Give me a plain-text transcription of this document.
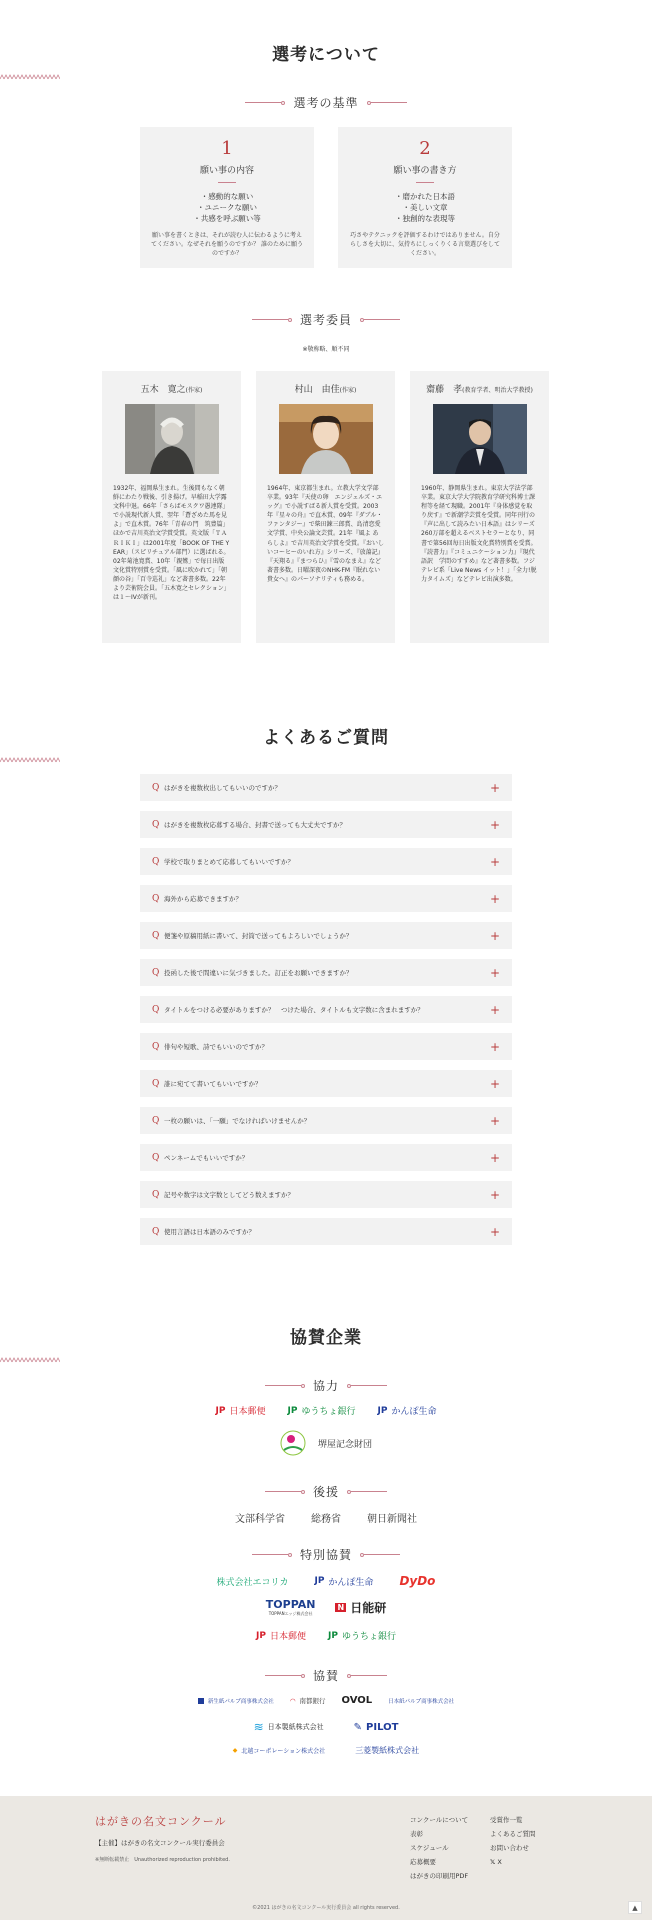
選考について
選考の基準
1
願い事の内容
・感動的な願い
・ユニークな願い
・共感を呼ぶ願い等

願い事を書くときは、それが読む人に伝わるように考えてください。なぜそれを願うのですか？ 誰のために願うのですか？

2
願い事の書き方
・磨かれた日本語
・美しい文章
・独創的な表現等

巧さやテクニックを評価するわけではありません。自分らしさを大切に、気持ちにしっくりくる言葉選びをしてください。

選考委員
※敬称略、順不同
五木　寛之(作家)

1932年、福岡県生まれ。生後間もなく朝鮮にわたり戦後、引き揚げ。早稲田大学露文科中退。66年「さらばモスクワ愚連隊」で小説現代新人賞、翌年「蒼ざめた馬を見よ」で直木賞。76年「青春の門　筑豊篇」ほかで吉川英治文学賞受賞。英文版「ＴＡＲＩＫＩ」は2001年度「BOOK OF THE YEAR」（スピリチュアル部門）に選ばれる。02年菊池寛賞、10年「親鸞」で毎日出版文化賞特別賞を受賞。「風に吹かれて」「朝顔の谷」「百寺巡礼」など著書多数。22年より芸術院会員。「五木寛之セレクション」は１～IVが新刊。

村山　由佳(作家)

1964年、東京都生まれ。立教大学文学部卒業。93年『天使の卵　エンジェルズ・エッグ』で小説すばる新人賞を受賞。2003年『星々の舟』で直木賞、09年『ダブル・ファンタジー』で柴田錬三郎賞、島清恋愛文学賞、中央公論文芸賞。21年『風よ あらしよ』で吉川英治文学賞を受賞。『おいしいコーヒーのいれ方』シリーズ、『放蕩記』『天翔る』『まつらひ』『雪のなまえ』など著書多数。日曜深夜のNHK-FM『眠れない貴女へ』のパーソナリティも務める。

齋藤　孝(教育学者、明治大学教授)

1960年、静岡県生まれ。東京大学法学部卒業。東京大学大学院教育学研究科博士課程等を経て現職。2001年『身体感覚を取り戻す』で新潮学芸賞を受賞。同年刊行の『声に出して読みたい日本語』はシリーズ260万部を超えるベストセラーとなり、同書で第56回毎日出版文化賞特別賞を受賞。『読書力』『コミュニケーション力』『現代語訳　学問のすすめ』など著書多数。フジテレビ系「Live News イット！」「全力!脱力タイムズ」などテレビ出演多数。

よくあるご質問
Q はがきを複数枚出してもいいのですか？	+
Q はがきを複数枚応募する場合、封書で送っても大丈夫ですか？	+
Q 学校で取りまとめて応募してもいいですか？	+
Q 海外から応募できますか？	+
Q 便箋や原稿用紙に書いて、封筒で送ってもよろしいでしょうか？	+
Q 投函した後で間違いに気づきました。訂正をお願いできますか？	+
Q タイトルをつける必要がありますか？　つけた場合、タイトルも文字数に含まれますか？	+
Q 俳句や短歌、詩でもいいのですか？	+
Q 誰に宛てて書いてもいいですか？	+
Q 一枚の願いは、「一願」でなければいけませんか？	+
Q ペンネームでもいいですか？	+
Q 記号や数字は文字数としてどう数えますか？	+
Q 使用言語は日本語のみですか？	+
協賛企業
協力
JP 日本郵便 JP ゆうちょ銀行 JP かんぽ生命
堺屋記念財団
後援
文部科学省	総務省	朝日新聞社
特別協賛
株式会社エコリカ	JP かんぽ生命 DyDo
TOPPAN
TOPPANエッジ株式会社
N 日能研
JP 日本郵便 JP ゆうちょ銀行
協賛
新生紙パルプ商事株式会社 ◠ 南都銀行 OVOL	日本紙パルプ商事株式会社
≋ 日本製紙株式会社	✎ PILOT
◆ 北越コーポレーション株式会社	三菱製紙株式会社
はがきの名文コンクール
【主催】はがきの名文コンクール実行委員会
※無断転載禁止　Unauthorized reproduction prohibited.
コンクールについて
表彰
スケジュール
応募概要
はがきの印刷用PDF
受賞作一覧
よくあるご質問
お問い合わせ
𝕏 X
©2021 はがきの名文コンクール実行委員会 all rights reserved.	▲
